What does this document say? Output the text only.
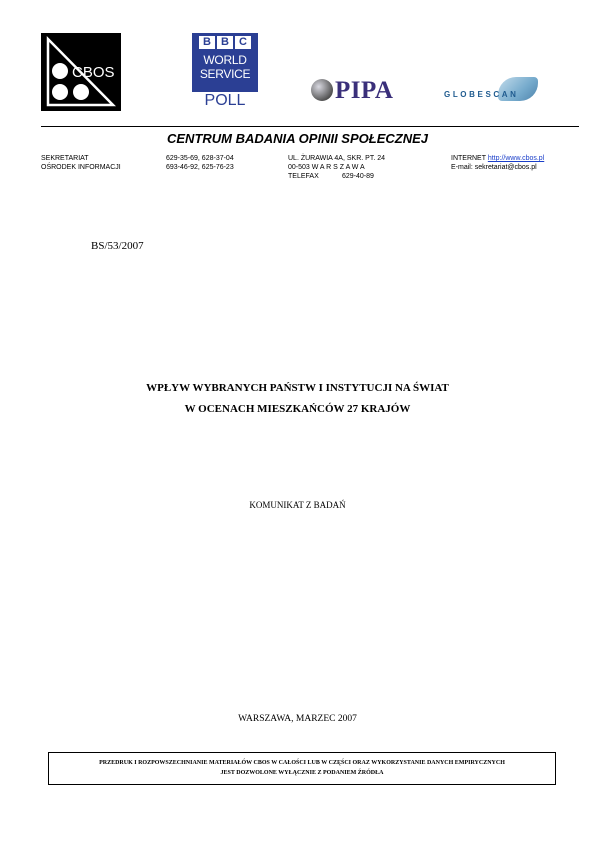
CBOS
B B C
WORLD
SERVICE
POLL	PIPA	GLOBESCAN
CENTRUM BADANIA OPINII SPOŁECZNEJ
SEKRETARIAT
OŚRODEK INFORMACJI
629-35-69, 628-37-04
693-46-92, 625-76-23
UL. ŻURAWIA 4A, SKR. PT. 24
00-503 W A R S Z A W A
TELEFAX	629-40-89
INTERNET http://www.cbos.pl
E-mail: sekretariat@cbos.pl
BS/53/2007
WPŁYW WYBRANYCH PAŃSTW I INSTYTUCJI NA ŚWIAT
W OCENACH MIESZKAŃCÓW 27 KRAJÓW
KOMUNIKAT Z BADAŃ
WARSZAWA, MARZEC 2007
PRZEDRUK I ROZPOWSZECHNIANIE MATERIAŁÓW CBOS W CAŁOŚCI LUB W CZĘŚCI ORAZ WYKORZYSTANIE DANYCH EMPIRYCZNYCH
JEST DOZWOLONE WYŁĄCZNIE Z PODANIEM ŹRÓDŁA
